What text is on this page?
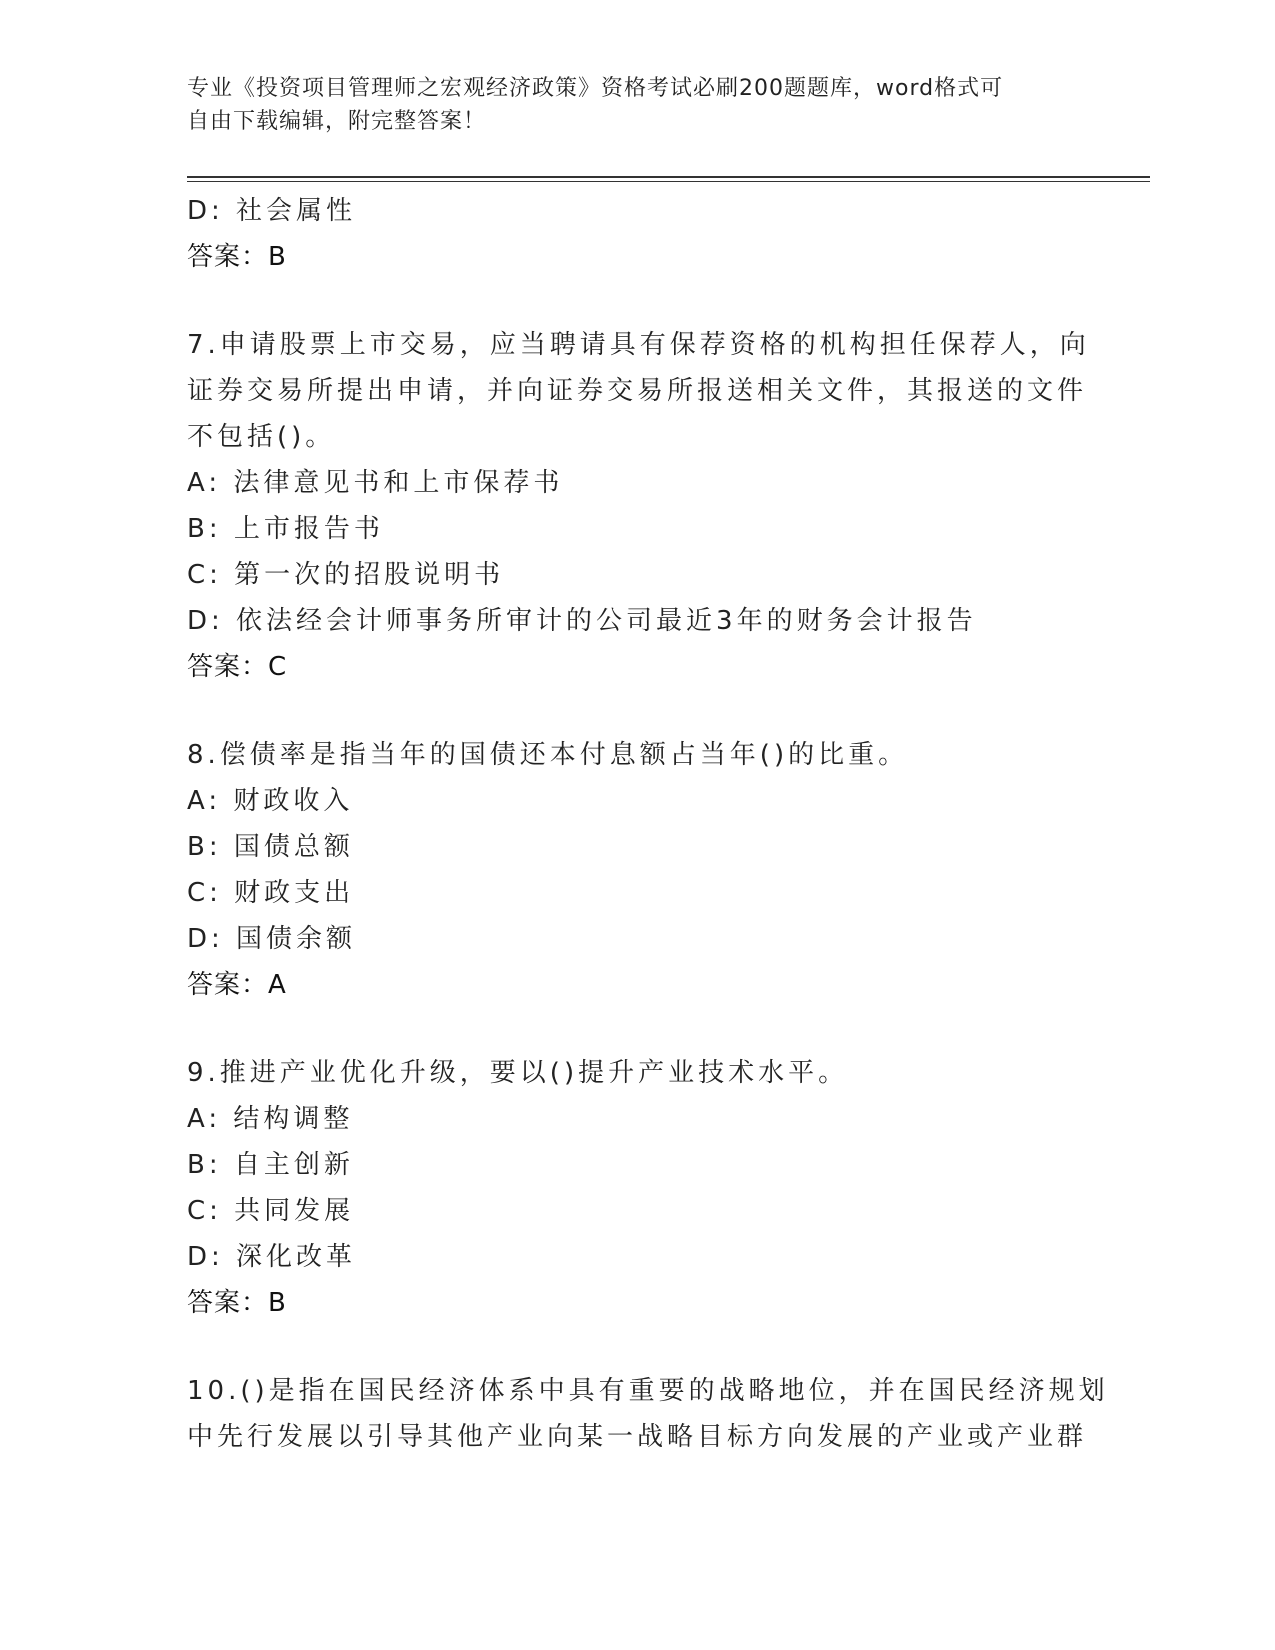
专业《投资项目管理师之宏观经济政策》资格考试必刷200题题库，word格式可
自由下载编辑，附完整答案！
D: 社会属性
答案：B
7.申请股票上市交易，应当聘请具有保荐资格的机构担任保荐人，向
证券交易所提出申请，并向证券交易所报送相关文件，其报送的文件
不包括()。
A: 法律意见书和上市保荐书
B: 上市报告书
C: 第一次的招股说明书
D: 依法经会计师事务所审计的公司最近3年的财务会计报告
答案：C
8.偿债率是指当年的国债还本付息额占当年()的比重。
A: 财政收入
B: 国债总额
C: 财政支出
D: 国债余额
答案：A
9.推进产业优化升级，要以()提升产业技术水平。
A: 结构调整
B: 自主创新
C: 共同发展
D: 深化改革
答案：B
10.()是指在国民经济体系中具有重要的战略地位，并在国民经济规划
中先行发展以引导其他产业向某一战略目标方向发展的产业或产业群
